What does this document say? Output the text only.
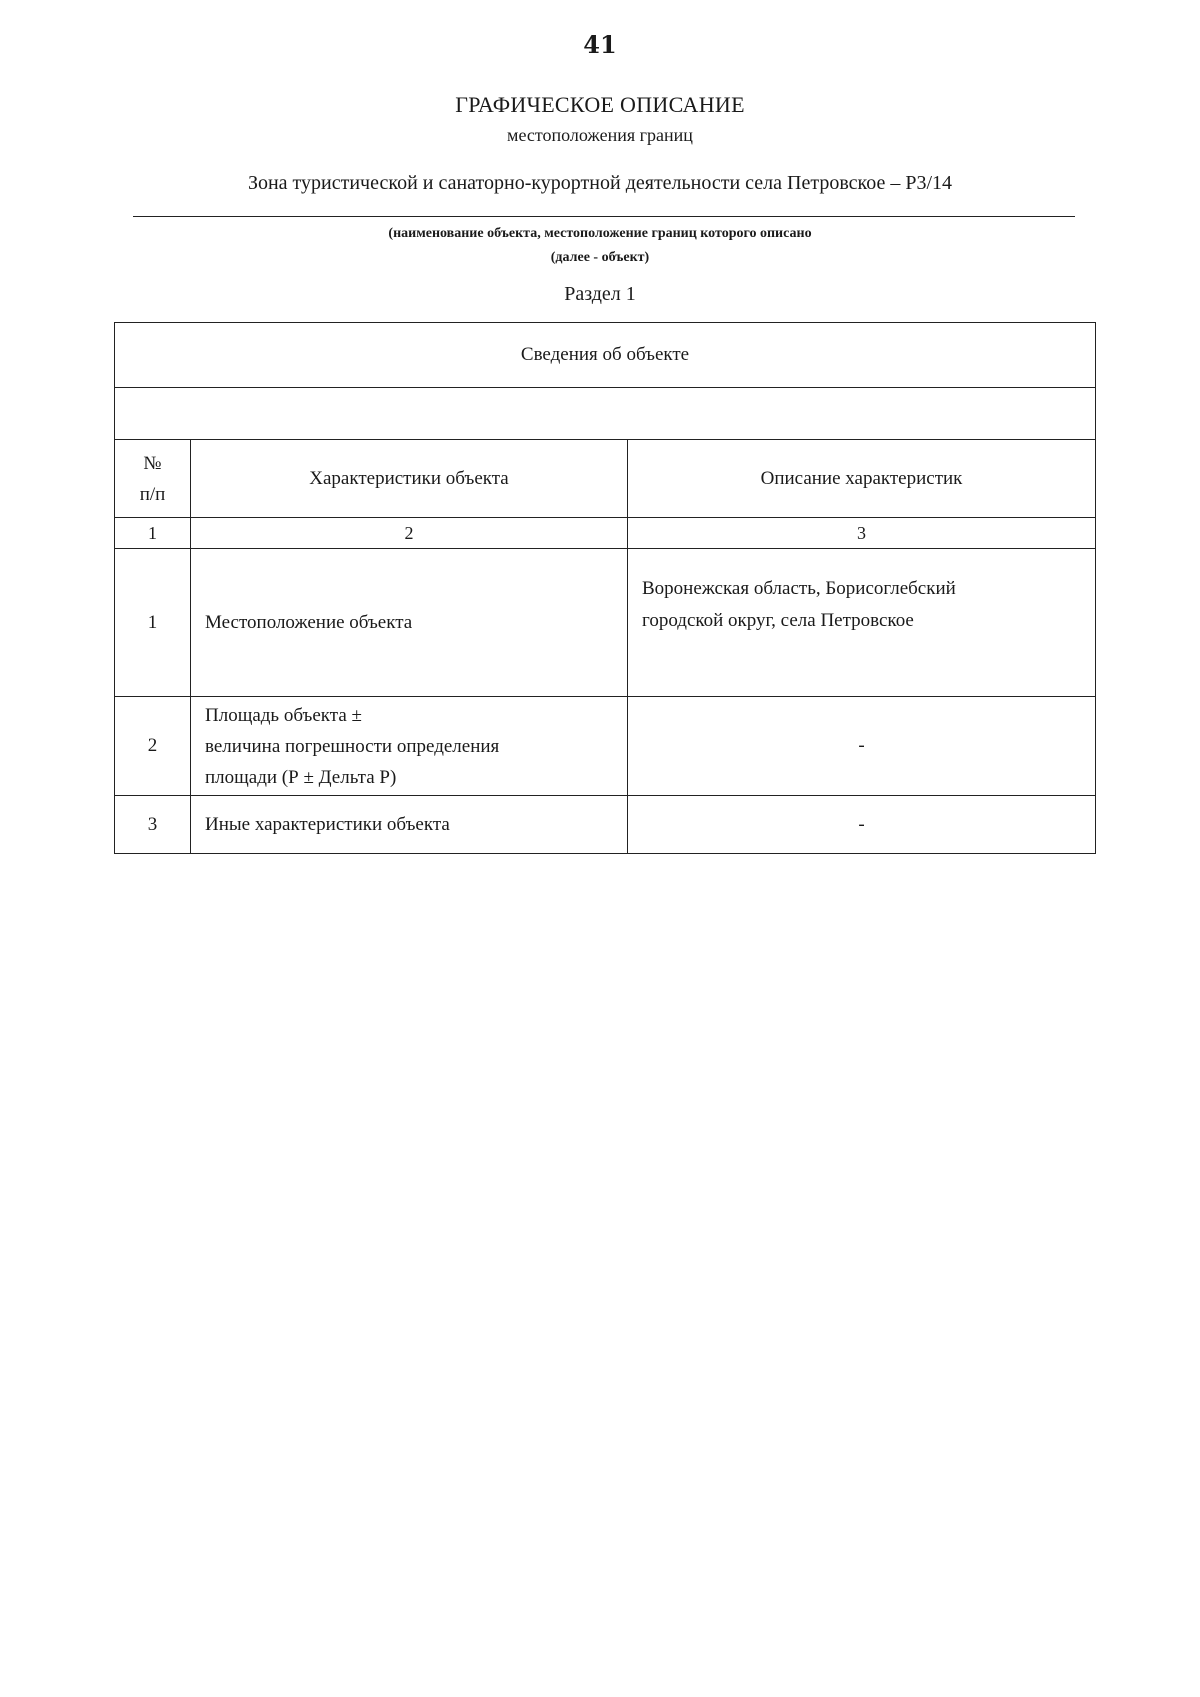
41
ГРАФИЧЕСКОЕ ОПИСАНИЕ
местоположения границ
Зона туристической и санаторно-курортной деятельности села Петровское – Р3/14
(наименование объекта, местоположение границ которого описано
(далее - объект)
Раздел 1
Сведения об объекте		

№
п/п	Характеристики объекта	Описание характеристик
1	2	3
1	Местоположение объекта	Воронежская область, Борисоглебский
городской округ, села Петровское

2	Площадь объекта ±
величина погрешности определения
площади (Р ± Дельта Р)	-
3	Иные характеристики объекта	-
